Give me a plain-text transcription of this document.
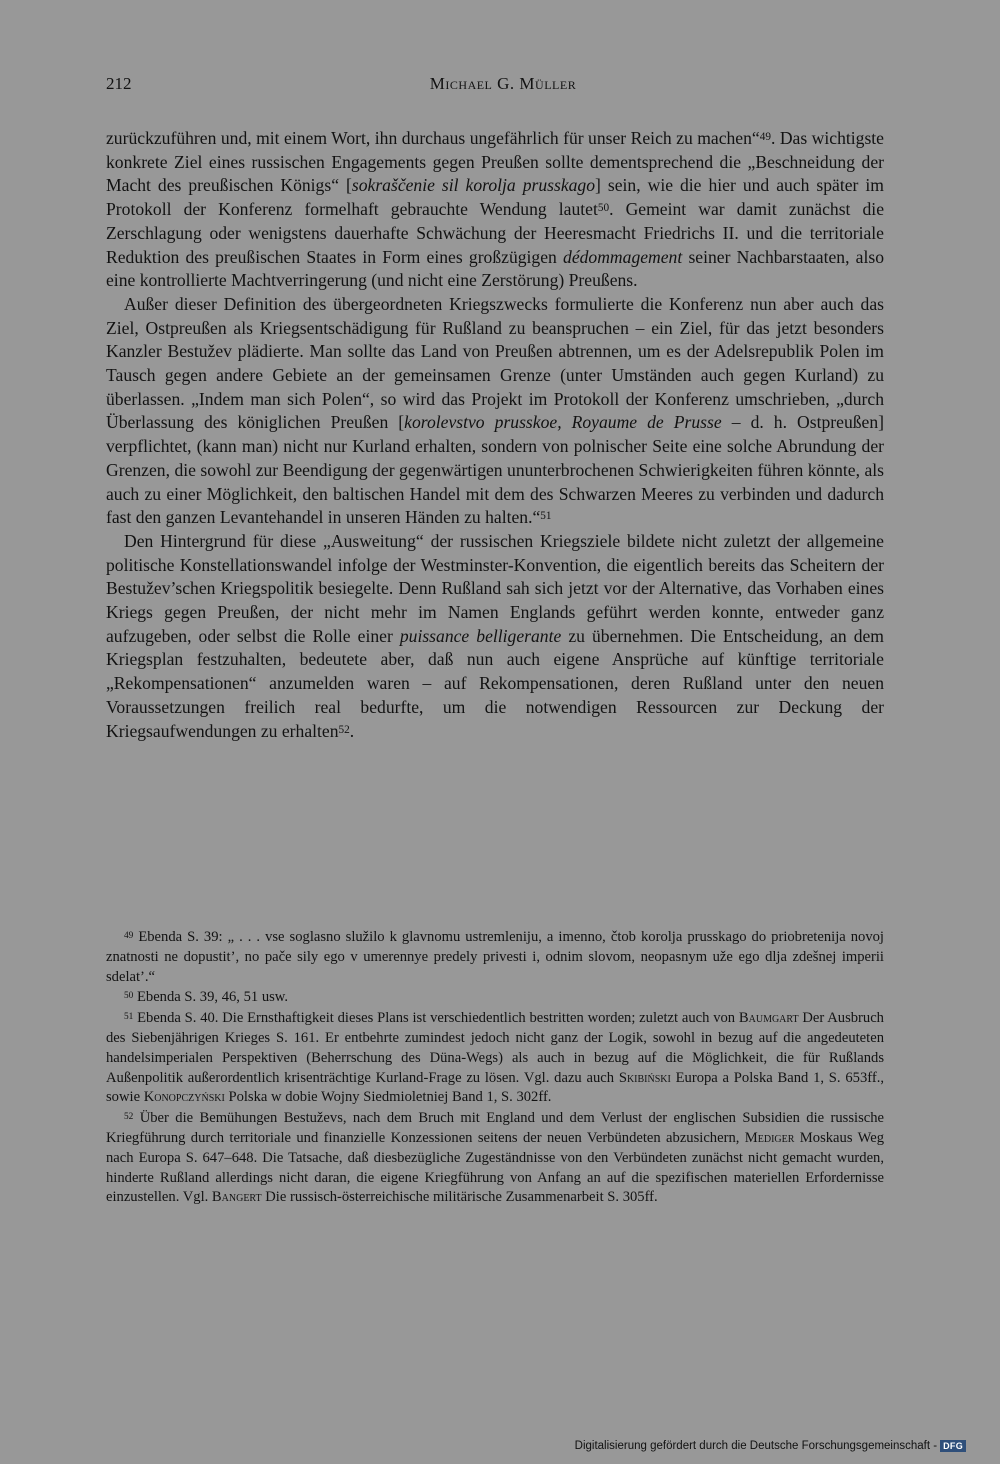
212	Michael G. Müller

zurückzuführen und, mit einem Wort, ihn durchaus ungefährlich für unser Reich zu machen“$^{49}$. Das wichtigste konkrete Ziel eines russischen Engagements gegen Preußen sollte dementsprechend die „Beschneidung der Macht des preußischen Königs“ [sokraščenie sil korolja prusskago] sein, wie die hier und auch später im Protokoll der Konferenz formelhaft gebrauchte Wendung lautet$^{50}$. Gemeint war damit zunächst die Zerschlagung oder wenigstens dauerhafte Schwächung der Heeresmacht Friedrichs II. und die territoriale Reduktion des preußischen Staates in Form eines großzügigen dédommagement seiner Nachbarstaaten, also eine kontrollierte Machtverringerung (und nicht eine Zerstörung) Preußens.

Außer dieser Definition des übergeordneten Kriegszwecks formulierte die Konferenz nun aber auch das Ziel, Ostpreußen als Kriegsentschädigung für Rußland zu beanspruchen – ein Ziel, für das jetzt besonders Kanzler Bestužev plädierte. Man sollte das Land von Preußen abtrennen, um es der Adelsrepublik Polen im Tausch gegen andere Gebiete an der gemeinsamen Grenze (unter Umständen auch gegen Kurland) zu überlassen. „Indem man sich Polen“, so wird das Projekt im Protokoll der Konferenz umschrieben, „durch Überlassung des königlichen Preußen [korolevstvo prusskoe, Royaume de Prusse – d. h. Ostpreußen] verpflichtet, (kann man) nicht nur Kurland erhalten, sondern von polnischer Seite eine solche Abrundung der Grenzen, die sowohl zur Beendigung der gegenwärtigen ununterbrochenen Schwierigkeiten führen könnte, als auch zu einer Möglichkeit, den baltischen Handel mit dem des Schwarzen Meeres zu verbinden und dadurch fast den ganzen Levantehandel in unseren Händen zu halten.“$^{51}$

Den Hintergrund für diese „Ausweitung“ der russischen Kriegsziele bildete nicht zuletzt der allgemeine politische Konstellationswandel infolge der Westminster-Konvention, die eigentlich bereits das Scheitern der Bestužev’schen Kriegspolitik besiegelte. Denn Rußland sah sich jetzt vor der Alternative, das Vorhaben eines Kriegs gegen Preußen, der nicht mehr im Namen Englands geführt werden konnte, entweder ganz aufzugeben, oder selbst die Rolle einer puissance belligerante zu übernehmen. Die Entscheidung, an dem Kriegsplan festzuhalten, bedeutete aber, daß nun auch eigene Ansprüche auf künftige territoriale „Rekompensationen“ anzumelden waren – auf Rekompensationen, deren Rußland unter den neuen Voraussetzungen freilich real bedurfte, um die notwendigen Ressourcen zur Deckung der Kriegsaufwendungen zu erhalten$^{52}$.

$^{49}$ Ebenda S. 39: „ . . . vse soglasno služilo k glavnomu ustremleniju, a imenno, čtob korolja prusskago do priobretenija novoj znatnosti ne dopustit’, no pače sily ego v umerennye predely privesti i, odnim slovom, neopasnym uže ego dlja zdešnej imperii sdelat’.“

$^{50}$ Ebenda S. 39, 46, 51 usw.

$^{51}$ Ebenda S. 40. Die Ernsthaftigkeit dieses Plans ist verschiedentlich bestritten worden; zuletzt auch von Baumgart Der Ausbruch des Siebenjährigen Krieges S. 161. Er entbehrte zumindest jedoch nicht ganz der Logik, sowohl in bezug auf die angedeuteten handelsimperialen Perspektiven (Beherrschung des Düna-Wegs) als auch in bezug auf die Möglichkeit, die für Rußlands Außenpolitik außerordentlich krisenträchtige Kurland-Frage zu lösen. Vgl. dazu auch Skibiński Europa a Polska Band 1, S. 653ff., sowie Konopczyński Polska w dobie Wojny Siedmioletniej Band 1, S. 302ff.

$^{52}$ Über die Bemühungen Bestuževs, nach dem Bruch mit England und dem Verlust der englischen Subsidien die russische Kriegführung durch territoriale und finanzielle Konzessionen seitens der neuen Verbündeten abzusichern, Mediger Moskaus Weg nach Europa S. 647–648. Die Tatsache, daß diesbezügliche Zugeständnisse von den Verbündeten zunächst nicht gemacht wurden, hinderte Rußland allerdings nicht daran, die eigene Kriegführung von Anfang an auf die spezifischen materiellen Erfordernisse einzustellen. Vgl. Bangert Die russisch-österreichische militärische Zusammenarbeit S. 305ff.

Digitalisierung gefördert durch die Deutsche Forschungsgemeinschaft - DFG
